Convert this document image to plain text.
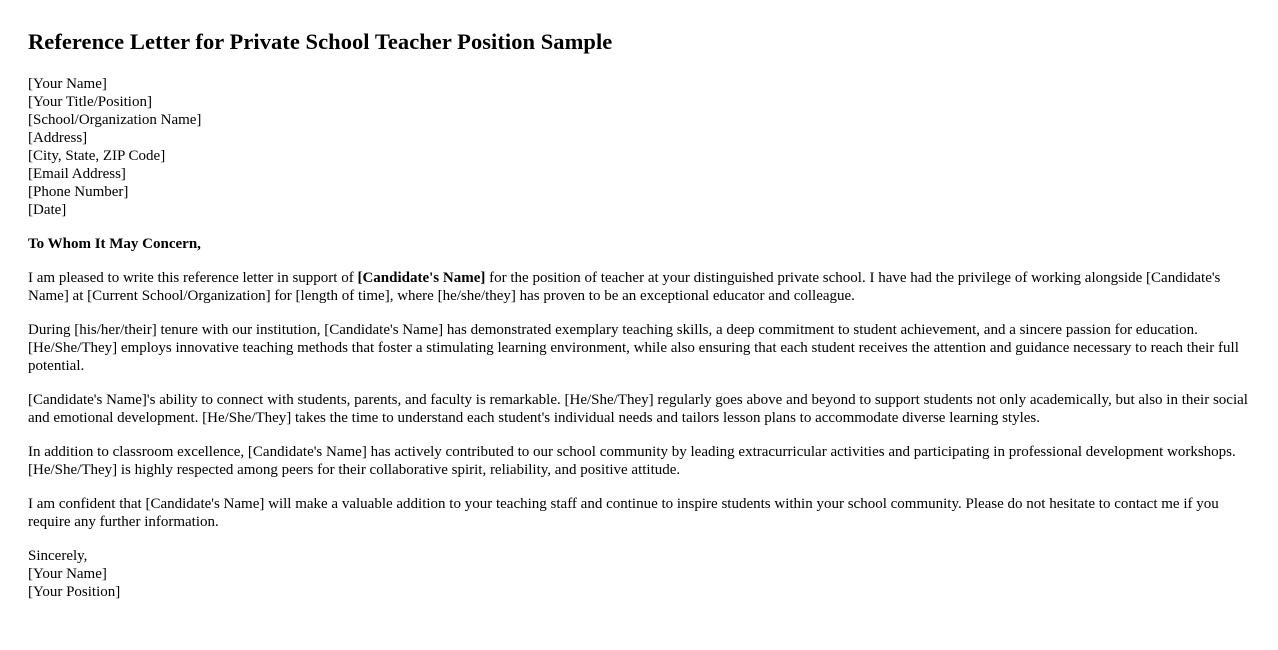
Reference Letter for Private School Teacher Position Sample
[Your Name]
[Your Title/Position]
[School/Organization Name]
[Address]
[City, State, ZIP Code]
[Email Address]
[Phone Number]
[Date]
To Whom It May Concern,
I am pleased to write this reference letter in support of [Candidate's Name] for the position of teacher at your distinguished private school. I have had the privilege of working alongside [Candidate's Name] at [Current School/Organization] for [length of time], where [he/she/they] has proven to be an exceptional educator and colleague.
During [his/her/their] tenure with our institution, [Candidate's Name] has demonstrated exemplary teaching skills, a deep commitment to student achievement, and a sincere passion for education. [He/She/They] employs innovative teaching methods that foster a stimulating learning environment, while also ensuring that each student receives the attention and guidance necessary to reach their full potential.
[Candidate's Name]'s ability to connect with students, parents, and faculty is remarkable. [He/She/They] regularly goes above and beyond to support students not only academically, but also in their social and emotional development. [He/She/They] takes the time to understand each student's individual needs and tailors lesson plans to accommodate diverse learning styles.
In addition to classroom excellence, [Candidate's Name] has actively contributed to our school community by leading extracurricular activities and participating in professional development workshops. [He/She/They] is highly respected among peers for their collaborative spirit, reliability, and positive attitude.
I am confident that [Candidate's Name] will make a valuable addition to your teaching staff and continue to inspire students within your school community. Please do not hesitate to contact me if you require any further information.
Sincerely,
[Your Name]
[Your Position]
